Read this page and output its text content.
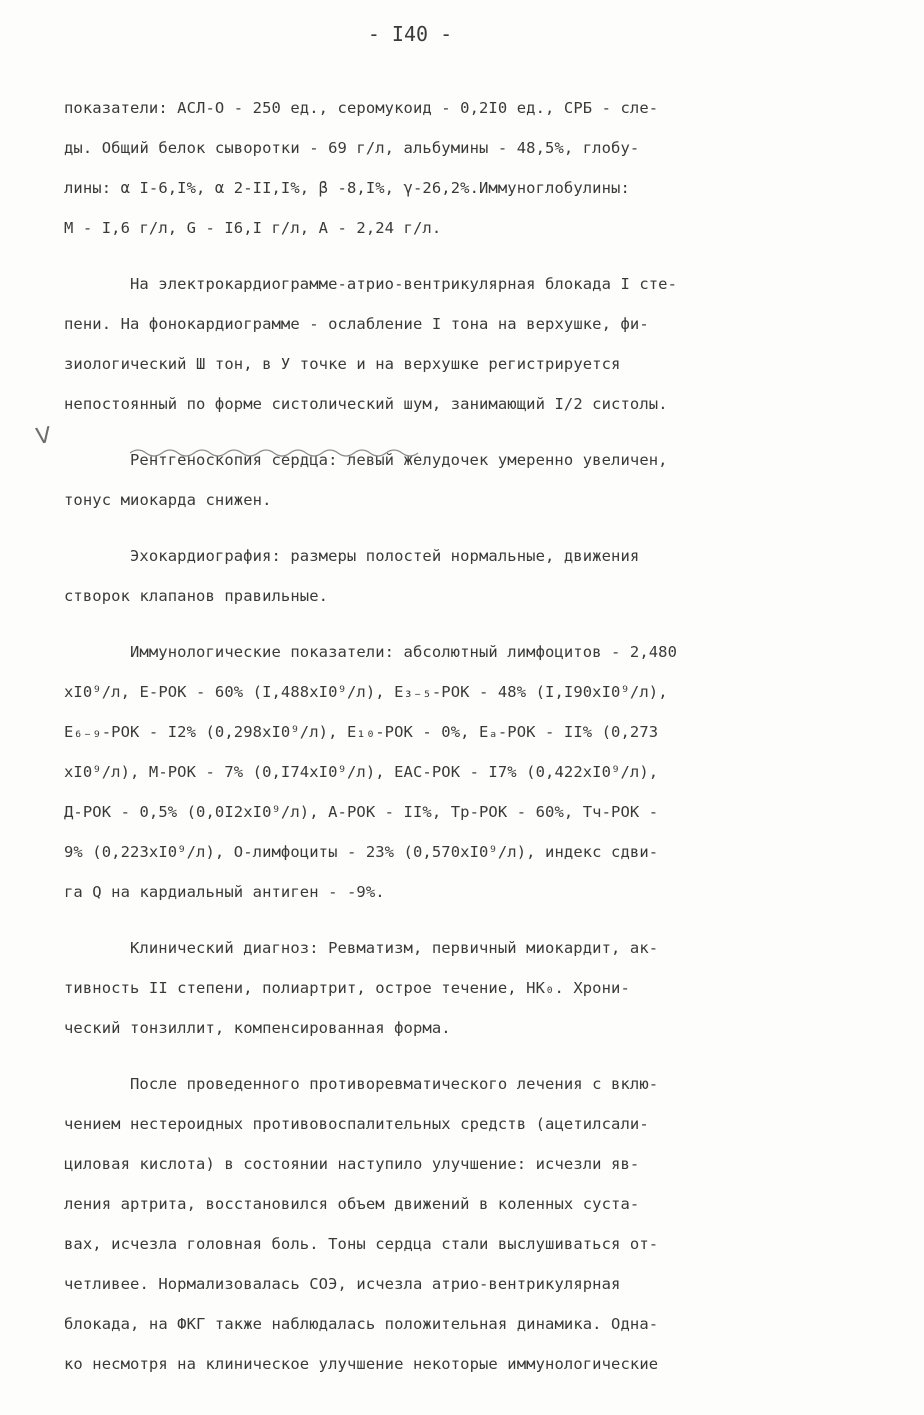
- I40 -
V
показатели: АСЛ-О - 250 ед., серомукоид - 0,2I0 ед., СРБ - сле-
ды. Общий белок сыворотки - 69 г/л, альбумины - 48,5%, глобу-
лины: α I-6,I%, α 2-II,I%, β -8,I%, γ-26,2%.Иммуноглобулины:
М - I,6 г/л, G - I6,I г/л, А - 2,24 г/л.
На электрокардиограмме-атрио-вентрикулярная блокада I сте-
пени. На фонокардиограмме - ослабление I тона на верхушке, фи-
зиологический Ш тон, в У точке и на верхушке регистрируется
непостоянный по форме систолический шум, занимающий I/2 систолы.
Рентгеноскопия сердца: левый желудочек умеренно увеличен,
тонус миокарда снижен.
Эхокардиография: размеры полостей нормальные, движения
створок клапанов правильные.
Иммунологические показатели: абсолютный лимфоцитов - 2,480
хI0⁹/л, Е-РОК - 60% (I,488хI0⁹/л), E₃₋₅-РОК - 48% (I,I90хI0⁹/л),
E₆₋₉-РОК - I2% (0,298хI0⁹/л), E₁₀-РОК - 0%, Eₐ-РОК - II% (0,273
хI0⁹/л), М-РОК - 7% (0,I74хI0⁹/л), ЕАС-РОК - I7% (0,422хI0⁹/л),
Д-РОК - 0,5% (0,0I2хI0⁹/л), А-РОК - II%, Tр-РОК - 60%, Tч-РОК -
9% (0,223хI0⁹/л), О-лимфоциты - 23% (0,570хI0⁹/л), индекс сдви-
га Q на кардиальный антиген - -9%.
Клинический диагноз: Ревматизм, первичный миокардит, ак-
тивность II степени, полиартрит, острое течение, НК₀. Хрони-
ческий тонзиллит, компенсированная форма.
После проведенного противоревматического лечения с вклю-
чением нестероидных противовоспалительных средств (ацетилсали-
циловая кислота) в состоянии наступило улучшение: исчезли яв-
ления артрита, восстановился объем движений в коленных суста-
вах, исчезла головная боль. Тоны сердца стали выслушиваться от-
четливее. Нормализовалась СОЭ, исчезла атрио-вентрикулярная
блокада, на ФКГ также наблюдалась положительная динамика. Одна-
ко несмотря на клиническое улучшение некоторые иммунологические
